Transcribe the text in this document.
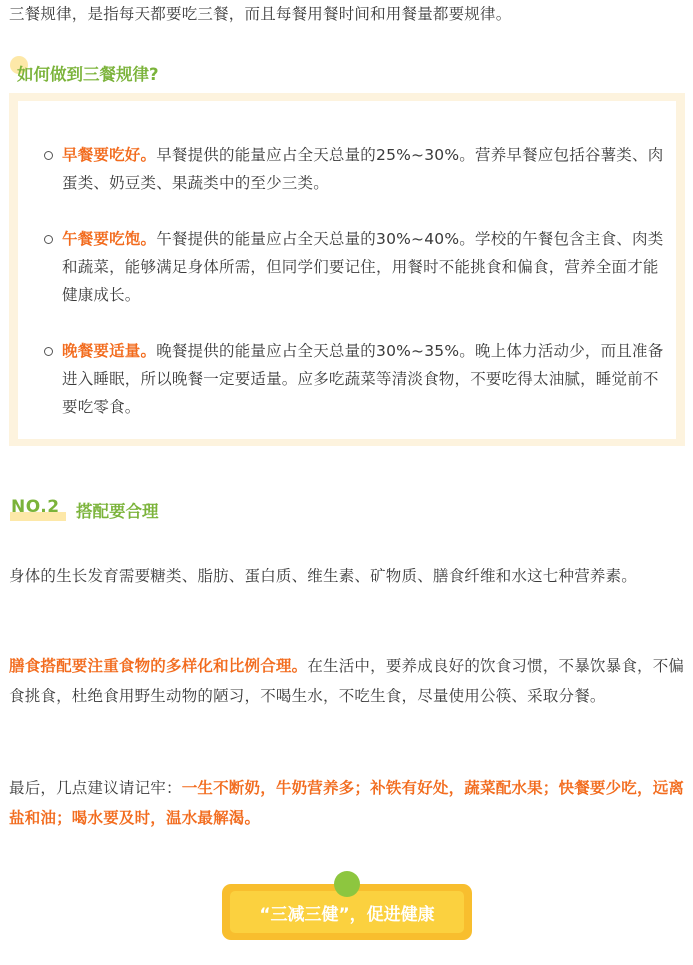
三餐规律，是指每天都要吃三餐，而且每餐用餐时间和用餐量都要规律。
如何做到三餐规律?
早餐要吃好。早餐提供的能量应占全天总量的25%~30%。营养早餐应包括谷薯类、肉蛋类、奶豆类、果蔬类中的至少三类。
午餐要吃饱。午餐提供的能量应占全天总量的30%~40%。学校的午餐包含主食、肉类和蔬菜，能够满足身体所需，但同学们要记住，用餐时不能挑食和偏食，营养全面才能健康成长。
晚餐要适量。晚餐提供的能量应占全天总量的30%~35%。晚上体力活动少，而且准备进入睡眠，所以晚餐一定要适量。应多吃蔬菜等清淡食物，不要吃得太油腻，睡觉前不要吃零食。
NO.2 搭配要合理
身体的生长发育需要糖类、脂肪、蛋白质、维生素、矿物质、膳食纤维和水这七种营养素。
膳食搭配要注重食物的多样化和比例合理。在生活中，要养成良好的饮食习惯，不暴饮暴食，不偏食挑食，杜绝食用野生动物的陋习，不喝生水，不吃生食，尽量使用公筷、采取分餐。
最后，几点建议请记牢：一生不断奶，牛奶营养多；补铁有好处，蔬菜配水果；快餐要少吃，远离盐和油；喝水要及时，温水最解渴。
“三减三健”，促进健康
